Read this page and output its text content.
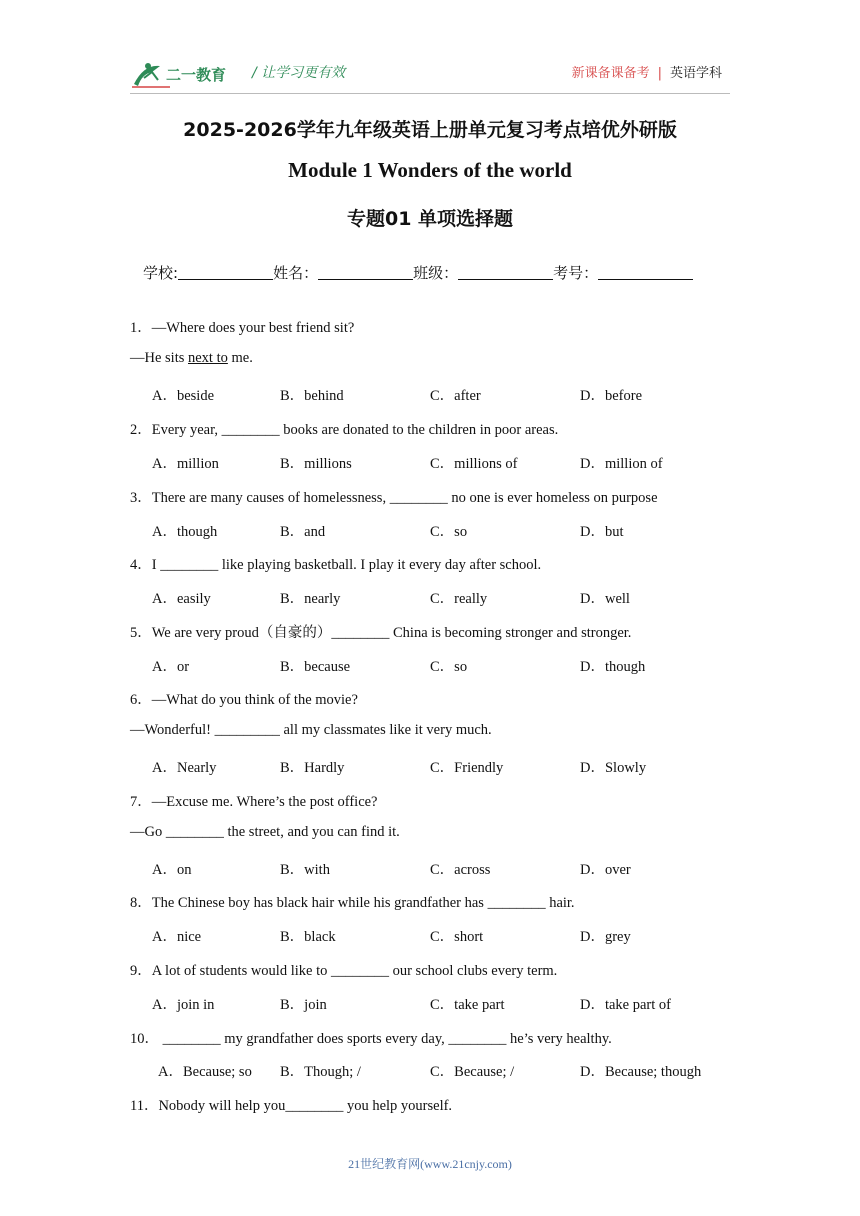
二一教育 / 让学习更有效	新课备课备考 | 英语学科
2025-2026学年九年级英语上册单元复习考点培优外研版
Module 1 Wonders of the world
专题01 单项选择题
学校:	姓名：	班级：	考号：
1．—Where does your best friend sit?
—He sits next to me.
A．beside	B．behind	C．after	D．before
2．Every year, ________ books are donated to the children in poor areas.
A．million	B．millions	C．millions of	D．million of
3．There are many causes of homelessness, ________ no one is ever homeless on purpose
A．though	B．and	C．so	D．but
4．I ________ like playing basketball. I play it every day after school.
A．easily	B．nearly	C．really	D．well
5．We are very proud（自豪的）________ China is becoming stronger and stronger.
A．or	B．because	C．so	D．though
6．—What do you think of the movie?
—Wonderful! _________ all my classmates like it very much.
A．Nearly	B．Hardly	C．Friendly	D．Slowly
7．—Excuse me. Where’s the post office?
—Go ________ the street, and you can find it.
A．on	B．with	C．across	D．over
8．The Chinese boy has black hair while his grandfather has ________ hair.
A．nice	B．black	C．short	D．grey
9．A lot of students would like to ________ our school clubs every term.
A．join in	B．join	C．take part	D．take part of
10． ________ my grandfather does sports every day, ________ he’s very healthy.
A．Because; so B．Though; /	C．Because; /	D．Because; though
11．Nobody will help you________ you help yourself.
21世纪教育网(www.21cnjy.com)
